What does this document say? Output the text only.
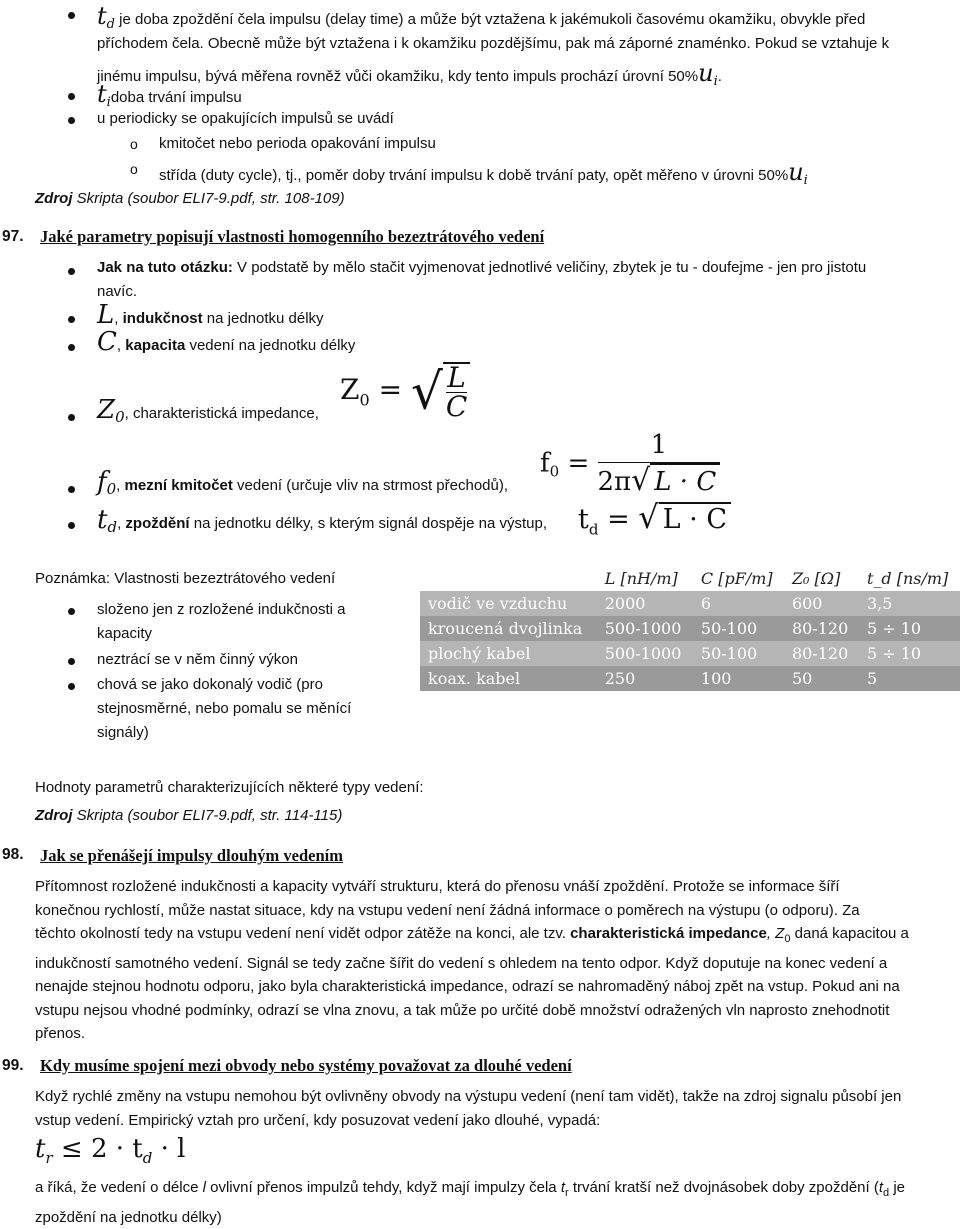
$t_d$ je doba zpoždění čela impulsu (delay time) a může být vztažena k jakémukoli časovému okamžiku, obvykle před
příchodem čela. Obecně může být vztažena i k okamžiku pozdějšímu, pak má záporné znaménko. Pokud se vztahuje k
jinému impulsu, bývá měřena rovněž vůči okamžiku, kdy tento impuls prochází úrovní $50\%u_i$.
$t_idoba$ trvání impulsu
u periodicky se opakujících impulsů se uvádí
o kmitočet nebo perioda opakování impulsu
o střída (duty cycle), tj., poměr doby trvání impulsu k době trvání paty, opět měřeno v úrovni $50\%u_i$
Zdroj Skripta (soubor ELI7-9.pdf, str. 108-109)
97. Jaké parametry popisují vlastnosti homogenního bezeztrátového vedení
Jak na tuto otázku: V podstatě by mělo stačit vyjmenovat jednotlivé veličiny, zbytek je tu - doufejme - jen pro jistotu
navíc.
L, indukčnost na jednotku délky
C, kapacita vedení na jednotku délky
$Z_0$, charakteristická impedance,
$Z_0$ = √ $\frac{L}{C}$
$f_0$, mezní kmitočet vedení (určuje vliv na strmost přechodů),
$f_0 = \frac{1}{2\pi√ L \cdot C}$
$t_d$, zpoždění na jednotku délky, s kterým signál dospěje na výstup, $t_d$ = √ L · C
Poznámka: Vlastnosti bezeztrátového vedení
složeno jen z rozložené indukčnosti a
kapacity
neztrácí se v něm činný výkon
chová se jako dokonalý vodič (pro
stejnosměrné, nebo pomalu se měnící
signály)
	L [nH/m]	C [pF/m]	Z₀ [Ω]	t_d [ns/m]
vodič ve vzduchu	2000	6	600	3,5
kroucená dvojlinka	500-1000	50-100	80-120	5 ÷ 10
plochý kabel	500-1000	50-100	80-120	5 ÷ 10
koax. kabel	250	100	50	5
Hodnoty parametrů charakterizujících některé typy vedení:
Zdroj Skripta (soubor ELI7-9.pdf, str. 114-115)
98. Jak se přenášejí impulsy dlouhým vedením
Přítomnost rozložené indukčnosti a kapacity vytváří strukturu, která do přenosu vnáší zpoždění. Protože se informace šíří
konečnou rychlostí, může nastat situace, kdy na vstupu vedení není žádná informace o poměrech na výstupu (o odporu). Za
těchto okolností tedy na vstupu vedení není vidět odpor zátěže na konci, ale tzv. charakteristická impedance, $Z_0$ daná kapacitou a
indukčností samotného vedení. Signál se tedy začne šířit do vedení s ohledem na tento odpor. Když doputuje na konec vedení a
nenajde stejnou hodnotu odporu, jako byla charakteristická impedance, odrazí se nahromaděný náboj zpět na vstup. Pokud ani na
vstupu nejsou vhodné podmínky, odrazí se vlna znovu, a tak může po určité době množství odražených vln naprosto znehodnotit
přenos.
99. Kdy musíme spojení mezi obvody nebo systémy považovat za dlouhé vedení
Když rychlé změny na vstupu nemohou být ovlivněny obvody na výstupu vedení (není tam vidět), takže na zdroj signalu působí jen
vstup vedení. Empirický vztah pro určení, kdy posuzovat vedení jako dlouhé, vypadá:
$t_r \le 2 \cdot t_d \cdot l$
a říká, že vedení o délce l ovlivní přenos impulzů tehdy, když mají impulzy čela $t_r$ trvání kratší než dvojnásobek doby zpoždění ($t_d$ je
zpoždění na jednotku délky)
